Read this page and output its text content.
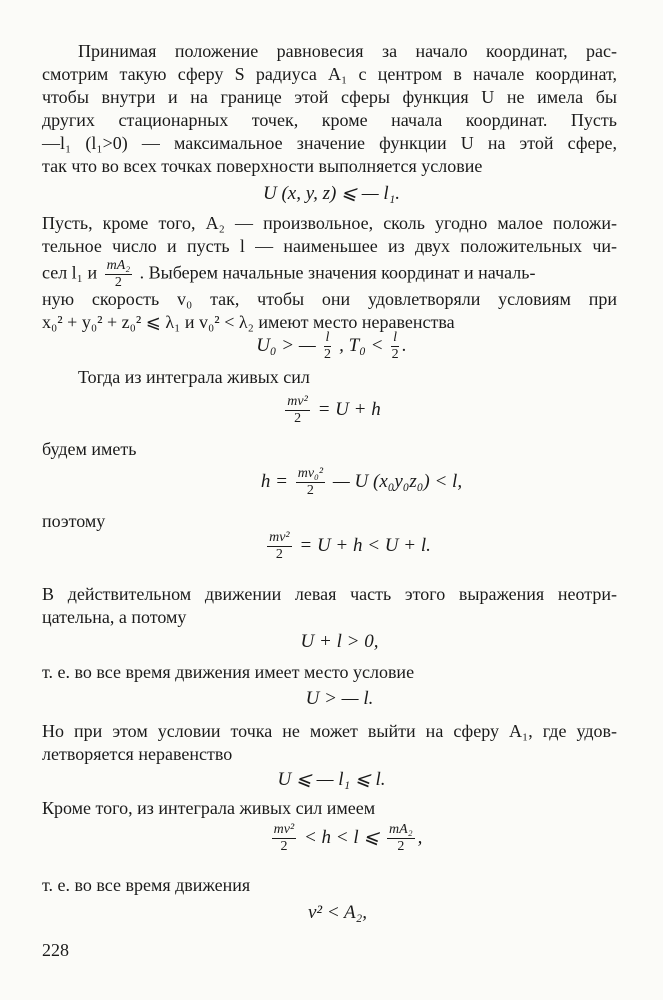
Принимая положение равновесия за начало координат, рас-
смотрим такую сферу S радиуса A₁ с центром в начале координат,
чтобы внутри и на границе этой сферы функция U не имела бы
других стационарных точек, кроме начала координат. Пусть
—l₁ (l₁>0) — максимальное значение функции U на этой сфере,
так что во всех точках поверхности выполняется условие
U (x, y, z) ⩽ — l₁.
Пусть, кроме того, A₂ — произвольное, сколь угодно малое положи-
тельное число и пусть l — наименьшее из двух положительных чи-
сел l₁ и $\frac{\text{mA₂}}{2}$ . Выберем начальные значения координат и началь-
ную скорость v₀ так, чтобы они удовлетворяли условиям при
x₀² + y₀² + z₀² ⩽ λ₁ и v₀² < λ₂ имеют место неравенства
U₀ > — $\frac{l}{2}$ , $T_0 < \frac{l}{2}$ .
Тогда из интеграла живых сил
$\frac{\text{mv²}}{2} = U + h$
будем иметь
$h = \frac{\text{mv₀²}}{2}$ — U (x₀y₀z₀) < l,
поэтому
$\frac{\text{mv²}}{2} = U + h < U + l$.
В действительном движении левая часть этого выражения неотри-
цательна, а потому
U + l > 0,
т. е. во все время движения имеет место условие
U > — l.
Но при этом условии точка не может выйти на сферу A₁, где удов-
летворяется неравенство
U ⩽ — l₁ ⩽ l.
Кроме того, из интеграла живых сил имеем
$\frac{\text{mv²}}{2} < h < l$ ⩽ $\frac{\text{mA₂}}{2}$ ,
т. е. во все время движения
v² < A₂,
228
